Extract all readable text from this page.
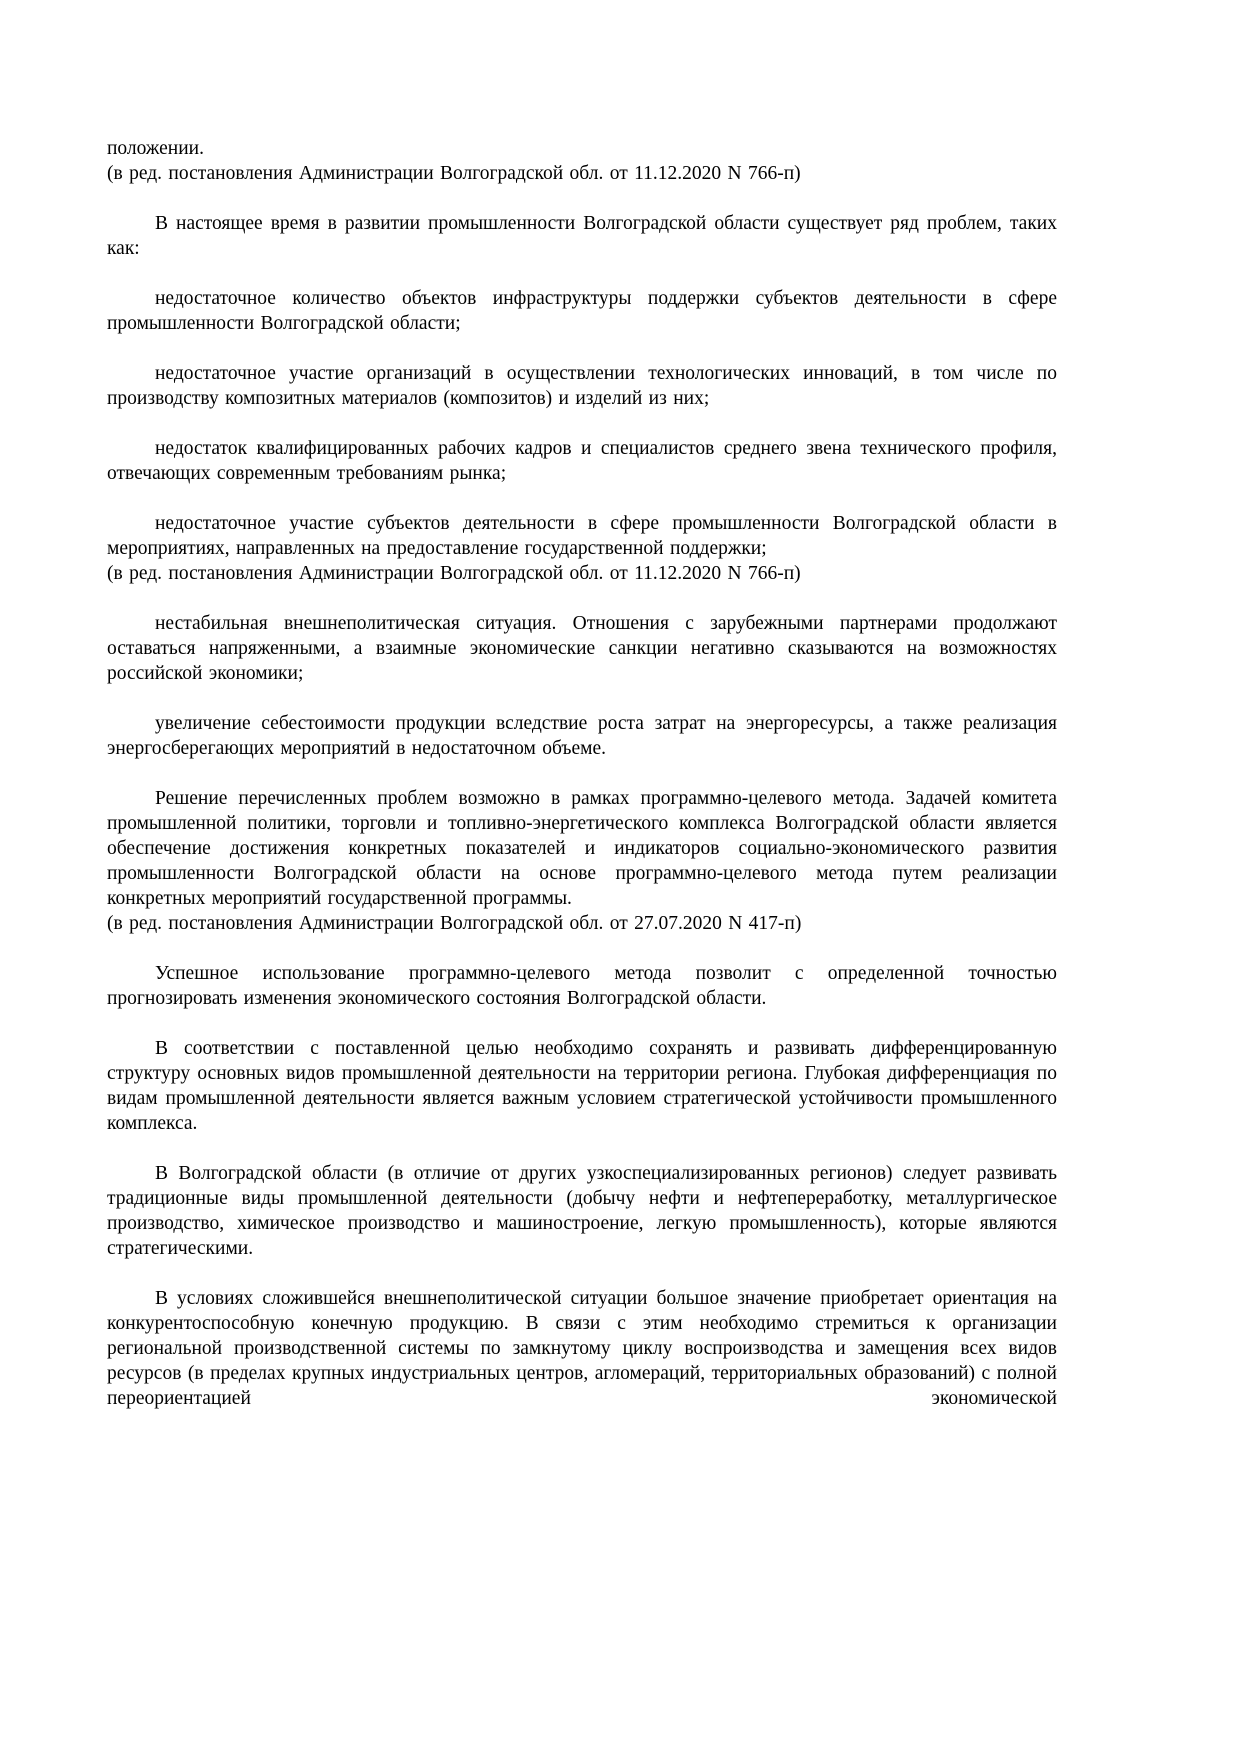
положении.

(в ред. постановления Администрации Волгоградской обл. от 11.12.2020 N 766-п)

В настоящее время в развитии промышленности Волгоградской области существует ряд проблем, таких как:

недостаточное количество объектов инфраструктуры поддержки субъектов деятельности в сфере промышленности Волгоградской области;

недостаточное участие организаций в осуществлении технологических инноваций, в том числе по производству композитных материалов (композитов) и изделий из них;

недостаток квалифицированных рабочих кадров и специалистов среднего звена технического профиля, отвечающих современным требованиям рынка;

недостаточное участие субъектов деятельности в сфере промышленности Волгоградской области в мероприятиях, направленных на предоставление государственной поддержки;

(в ред. постановления Администрации Волгоградской обл. от 11.12.2020 N 766-п)

нестабильная внешнеполитическая ситуация. Отношения с зарубежными партнерами продолжают оставаться напряженными, а взаимные экономические санкции негативно сказываются на возможностях российской экономики;

увеличение себестоимости продукции вследствие роста затрат на энергоресурсы, а также реализация энергосберегающих мероприятий в недостаточном объеме.

Решение перечисленных проблем возможно в рамках программно-целевого метода. Задачей комитета промышленной политики, торговли и топливно-энергетического комплекса Волгоградской области является обеспечение достижения конкретных показателей и индикаторов социально-экономического развития промышленности Волгоградской области на основе программно-целевого метода путем реализации конкретных мероприятий государственной программы.

(в ред. постановления Администрации Волгоградской обл. от 27.07.2020 N 417-п)

Успешное использование программно-целевого метода позволит с определенной точностью прогнозировать изменения экономического состояния Волгоградской области.

В соответствии с поставленной целью необходимо сохранять и развивать дифференцированную структуру основных видов промышленной деятельности на территории региона. Глубокая дифференциация по видам промышленной деятельности является важным условием стратегической устойчивости промышленного комплекса.

В Волгоградской области (в отличие от других узкоспециализированных регионов) следует развивать традиционные виды промышленной деятельности (добычу нефти и нефтепереработку, металлургическое производство, химическое производство и машиностроение, легкую промышленность), которые являются стратегическими.

В условиях сложившейся внешнеполитической ситуации большое значение приобретает ориентация на конкурентоспособную конечную продукцию. В связи с этим необходимо стремиться к организации региональной производственной системы по замкнутому циклу воспроизводства и замещения всех видов ресурсов (в пределах крупных индустриальных центров, агломераций, территориальных образований) с полной переориентацией экономической
